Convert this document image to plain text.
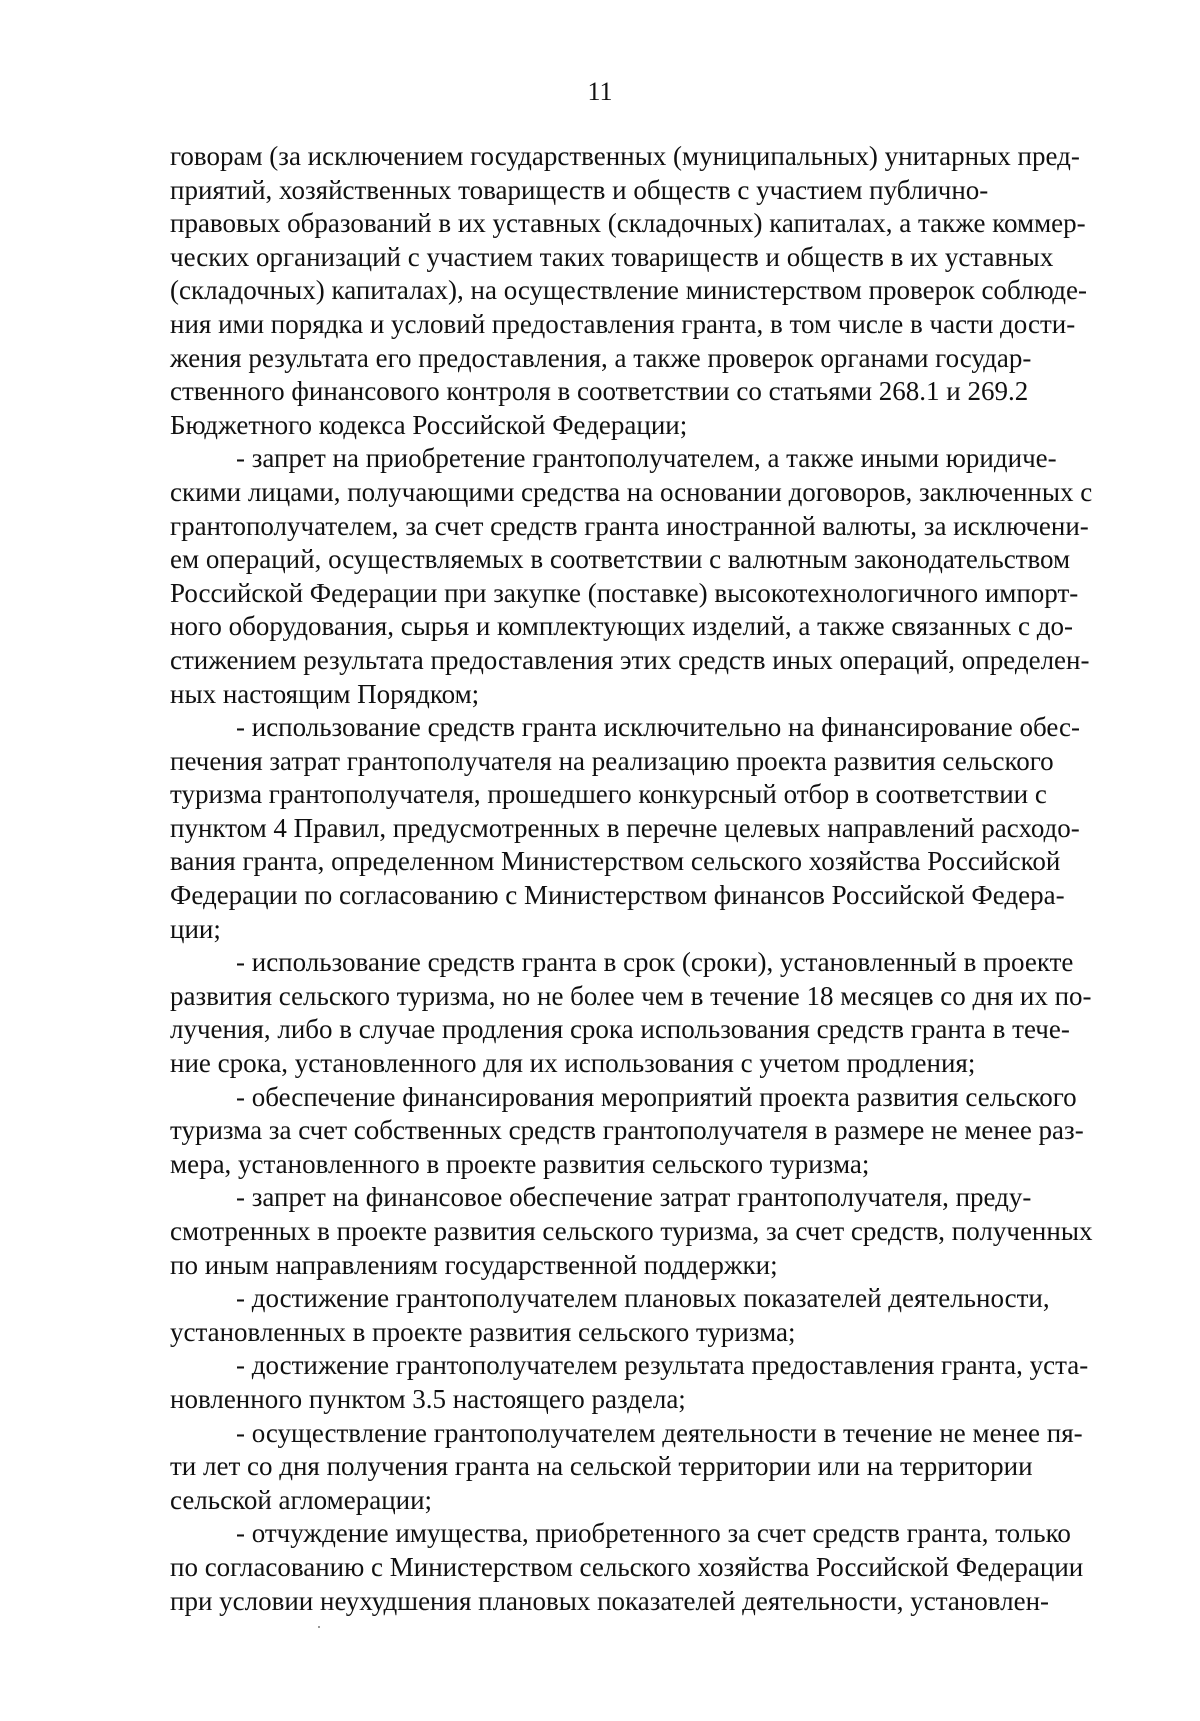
11

говорам (за исключением государственных (муниципальных) унитарных пред-
приятий, хозяйственных товариществ и обществ с участием публично-
правовых образований в их уставных (складочных) капиталах, а также коммер-
ческих организаций с участием таких товариществ и обществ в их уставных
(складочных) капиталах), на осуществление министерством проверок соблюде-
ния ими порядка и условий предоставления гранта, в том числе в части дости-
жения результата его предоставления, а также проверок органами государ-
ственного финансового контроля в соответствии со статьями 268.1 и 269.2
Бюджетного кодекса Российской Федерации;

- запрет на приобретение грантополучателем, а также иными юридиче-
скими лицами, получающими средства на основании договоров, заключенных с
грантополучателем, за счет средств гранта иностранной валюты, за исключени-
ем операций, осуществляемых в соответствии с валютным законодательством
Российской Федерации при закупке (поставке) высокотехнологичного импорт-
ного оборудования, сырья и комплектующих изделий, а также связанных с до-
стижением результата предоставления этих средств иных операций, определен-
ных настоящим Порядком;

- использование средств гранта исключительно на финансирование обес-
печения затрат грантополучателя на реализацию проекта развития сельского
туризма грантополучателя, прошедшего конкурсный отбор в соответствии с
пунктом 4 Правил, предусмотренных в перечне целевых направлений расходо-
вания гранта, определенном Министерством сельского хозяйства Российской
Федерации по согласованию с Министерством финансов Российской Федера-
ции;

- использование средств гранта в срок (сроки), установленный в проекте
развития сельского туризма, но не более чем в течение 18 месяцев со дня их по-
лучения, либо в случае продления срока использования средств гранта в тече-
ние срока, установленного для их использования с учетом продления;

- обеспечение финансирования мероприятий проекта развития сельского
туризма за счет собственных средств грантополучателя в размере не менее раз-
мера, установленного в проекте развития сельского туризма;

- запрет на финансовое обеспечение затрат грантополучателя, преду-
смотренных в проекте развития сельского туризма, за счет средств, полученных
по иным направлениям государственной поддержки;

- достижение грантополучателем плановых показателей деятельности,
установленных в проекте развития сельского туризма;

- достижение грантополучателем результата предоставления гранта, уста-
новленного пунктом 3.5 настоящего раздела;

- осуществление грантополучателем деятельности в течение не менее пя-
ти лет со дня получения гранта на сельской территории или на территории
сельской агломерации;

- отчуждение имущества, приобретенного за счет средств гранта, только
по согласованию с Министерством сельского хозяйства Российской Федерации
при условии неухудшения плановых показателей деятельности, установлен-
